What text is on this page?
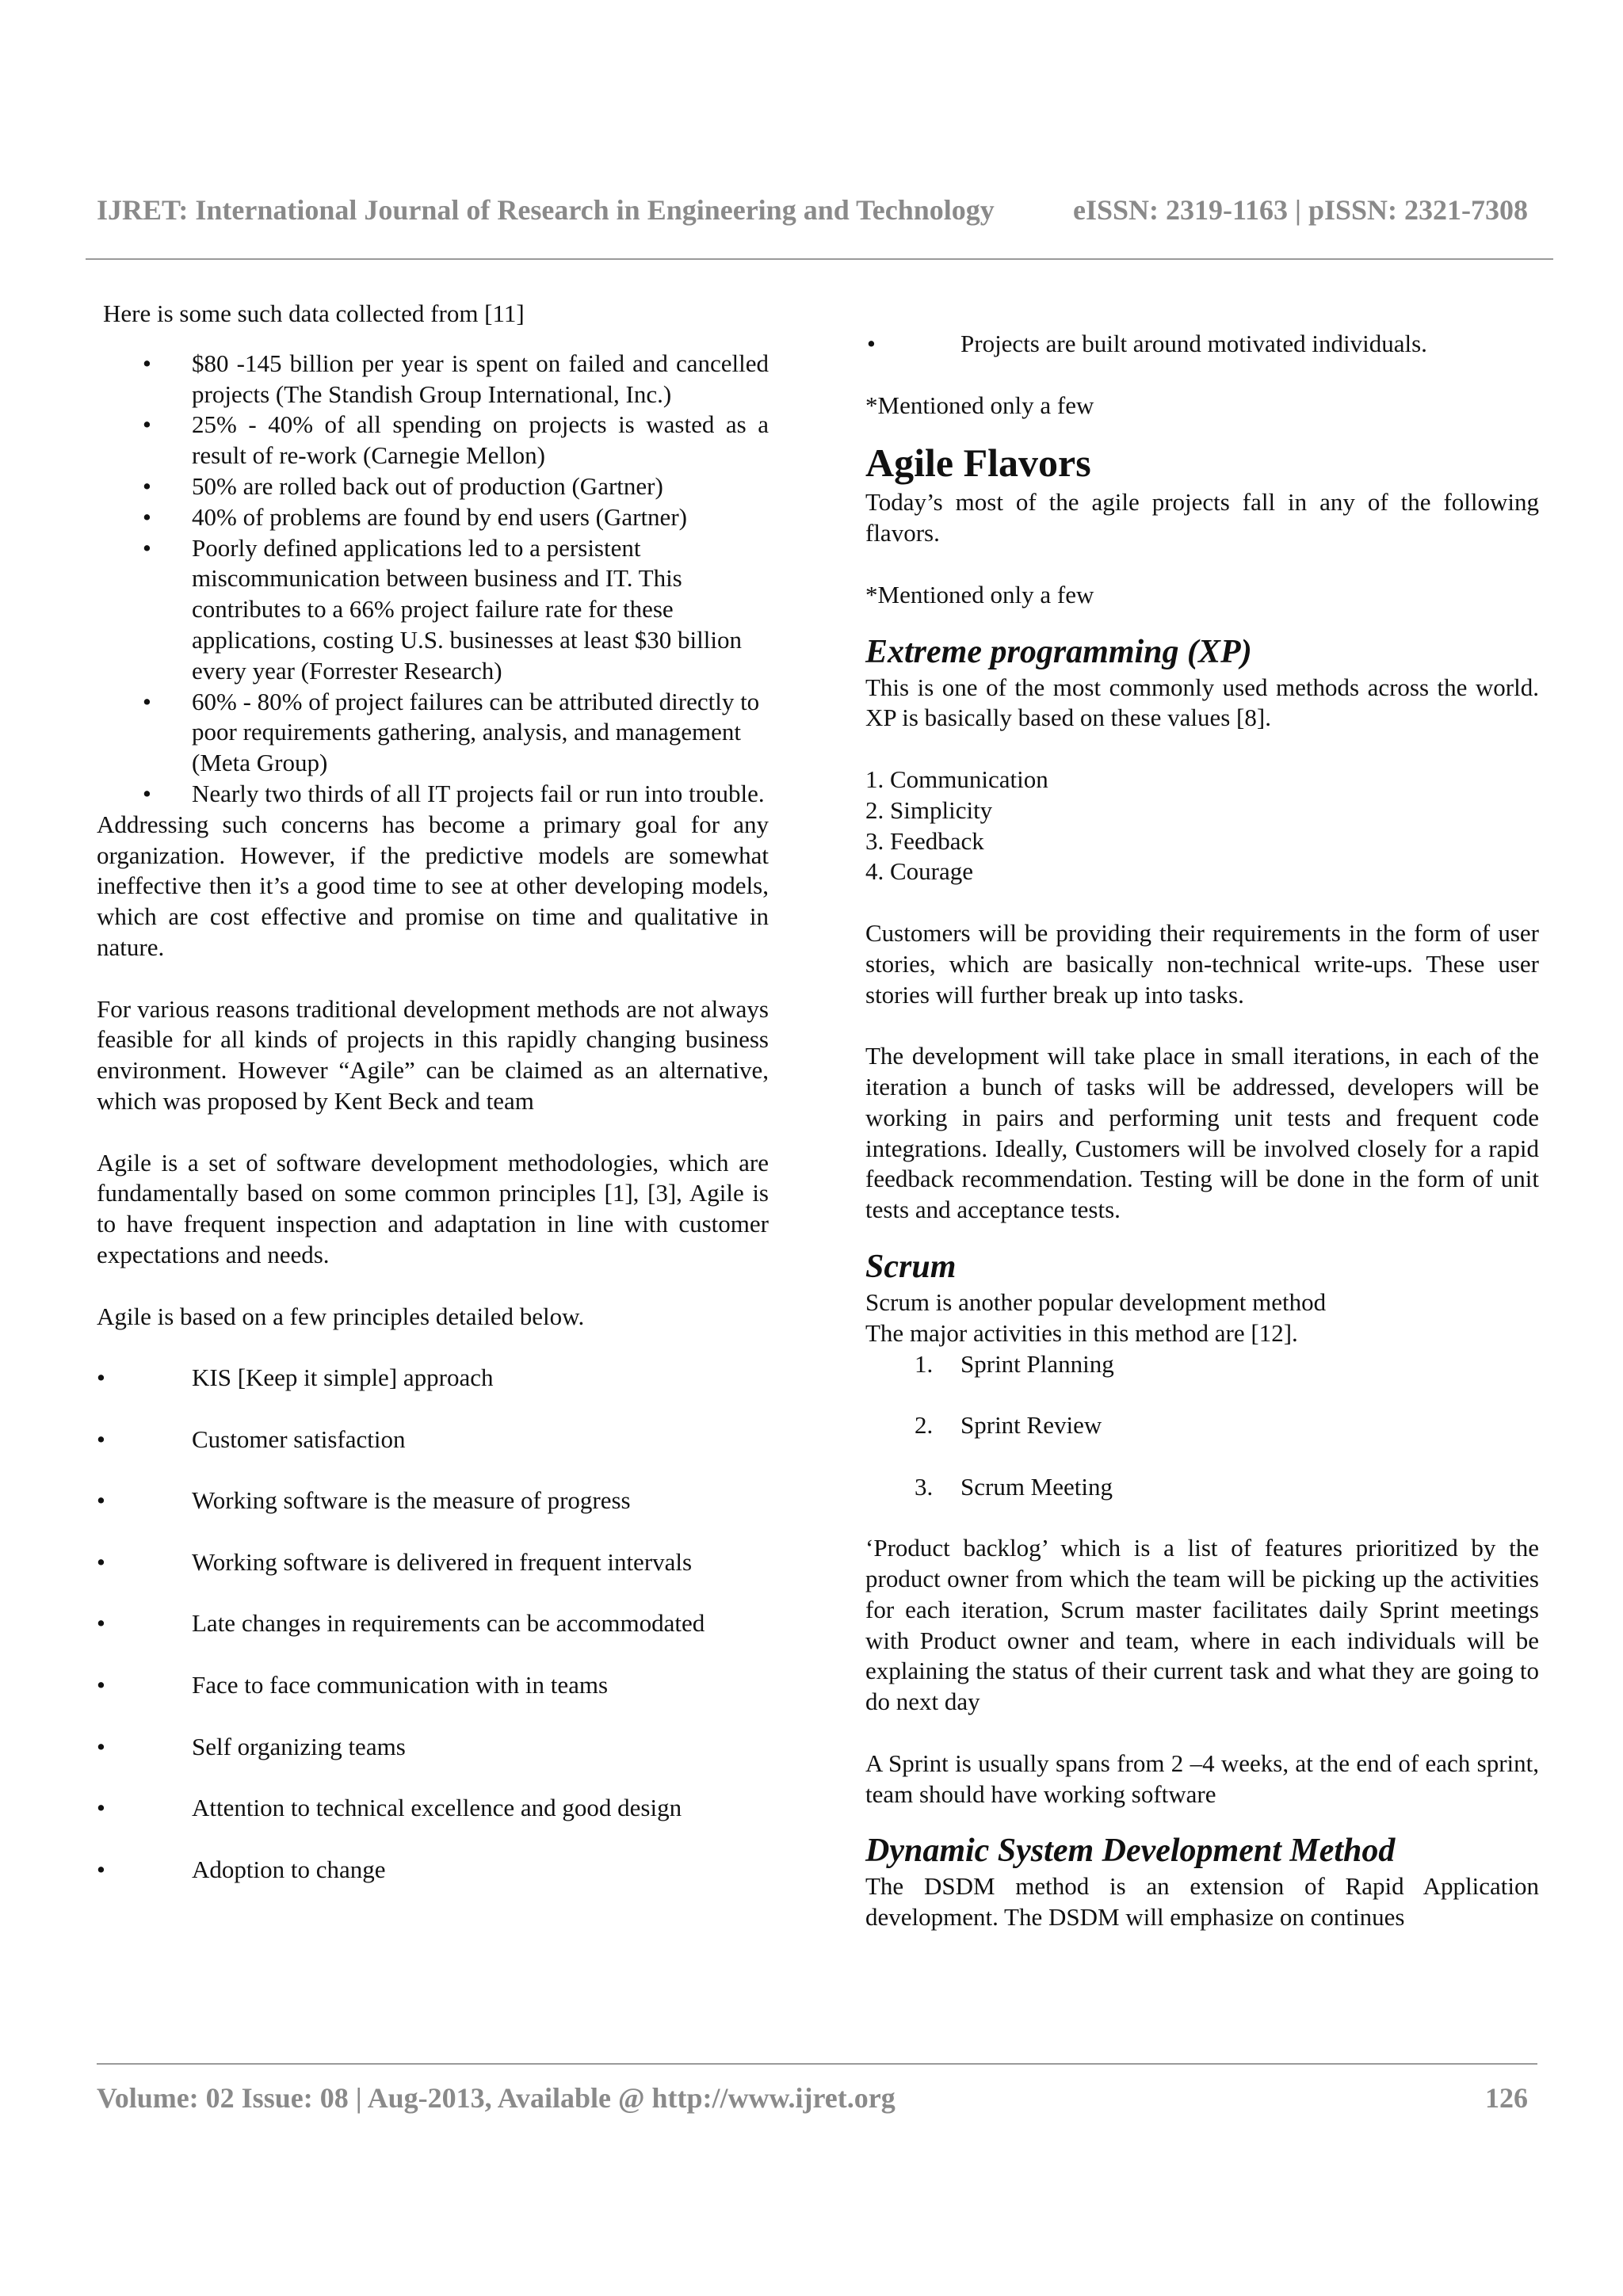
IJRET: International Journal of Research in Engineering and Technology	eISSN: 2319-1163 | pISSN: 2321-7308

Here is some such data collected from [11]

• $80 -145 billion per year is spent on failed and cancelled projects (The Standish Group International, Inc.)
• 25% - 40% of all spending on projects is wasted as a result of re-work (Carnegie Mellon)
• 50% are rolled back out of production (Gartner)
• 40% of problems are found by end users (Gartner)
• Poorly defined applications led to a persistent miscommunication between business and IT. This contributes to a 66% project failure rate for these applications, costing U.S. businesses at least $30 billion every year (Forrester Research)
• 60% - 80% of project failures can be attributed directly to poor requirements gathering, analysis, and management (Meta Group)
• Nearly two thirds of all IT projects fail or run into trouble.

Addressing such concerns has become a primary goal for any organization. However, if the predictive models are somewhat ineffective then it’s a good time to see at other developing models, which are cost effective and promise on time and qualitative in nature.

For various reasons traditional development methods are not always feasible for all kinds of projects in this rapidly changing business environment. However “Agile” can be claimed as an alternative, which was proposed by Kent Beck and team

Agile is a set of software development methodologies, which are fundamentally based on some common principles [1], [3], Agile is to have frequent inspection and adaptation in line with customer expectations and needs.

Agile is based on a few principles detailed below.

•	KIS [Keep it simple] approach
•	Customer satisfaction
•	Working software is the measure of progress
•	Working software is delivered in frequent intervals
•	Late changes in requirements can be accommodated
•	Face to face communication with in teams
•	Self organizing teams
•	Attention to technical excellence and good design
•	Adoption to change
•	Projects are built around motivated individuals.

*Mentioned only a few

Agile Flavors

Today’s most of the agile projects fall in any of the following flavors.

*Mentioned only a few

Extreme programming (XP)

This is one of the most commonly used methods across the world. XP is basically based on these values [8].

1. Communication

2. Simplicity

3. Feedback

4. Courage

Customers will be providing their requirements in the form of user stories, which are basically non-technical write-ups. These user stories will further break up into tasks.

The development will take place in small iterations, in each of the iteration a bunch of tasks will be addressed, developers will be working in pairs and performing unit tests and frequent code integrations. Ideally, Customers will be involved closely for a rapid feedback recommendation. Testing will be done in the form of unit tests and acceptance tests.

Scrum

Scrum is another popular development method

The major activities in this method are [12].

1. Sprint Planning
2. Sprint Review
3. Scrum Meeting

‘Product backlog’ which is a list of features prioritized by the product owner from which the team will be picking up the activities for each iteration, Scrum master facilitates daily Sprint meetings with Product owner and team, where in each individuals will be explaining the status of their current task and what they are going to do next day

A Sprint is usually spans from 2 –4 weeks, at the end of each sprint, team should have working software

Dynamic System Development Method

The DSDM method is an extension of Rapid Application development. The DSDM will emphasize on continues

Volume: 02 Issue: 08 | Aug-2013, Available @ http://www.ijret.org	126
